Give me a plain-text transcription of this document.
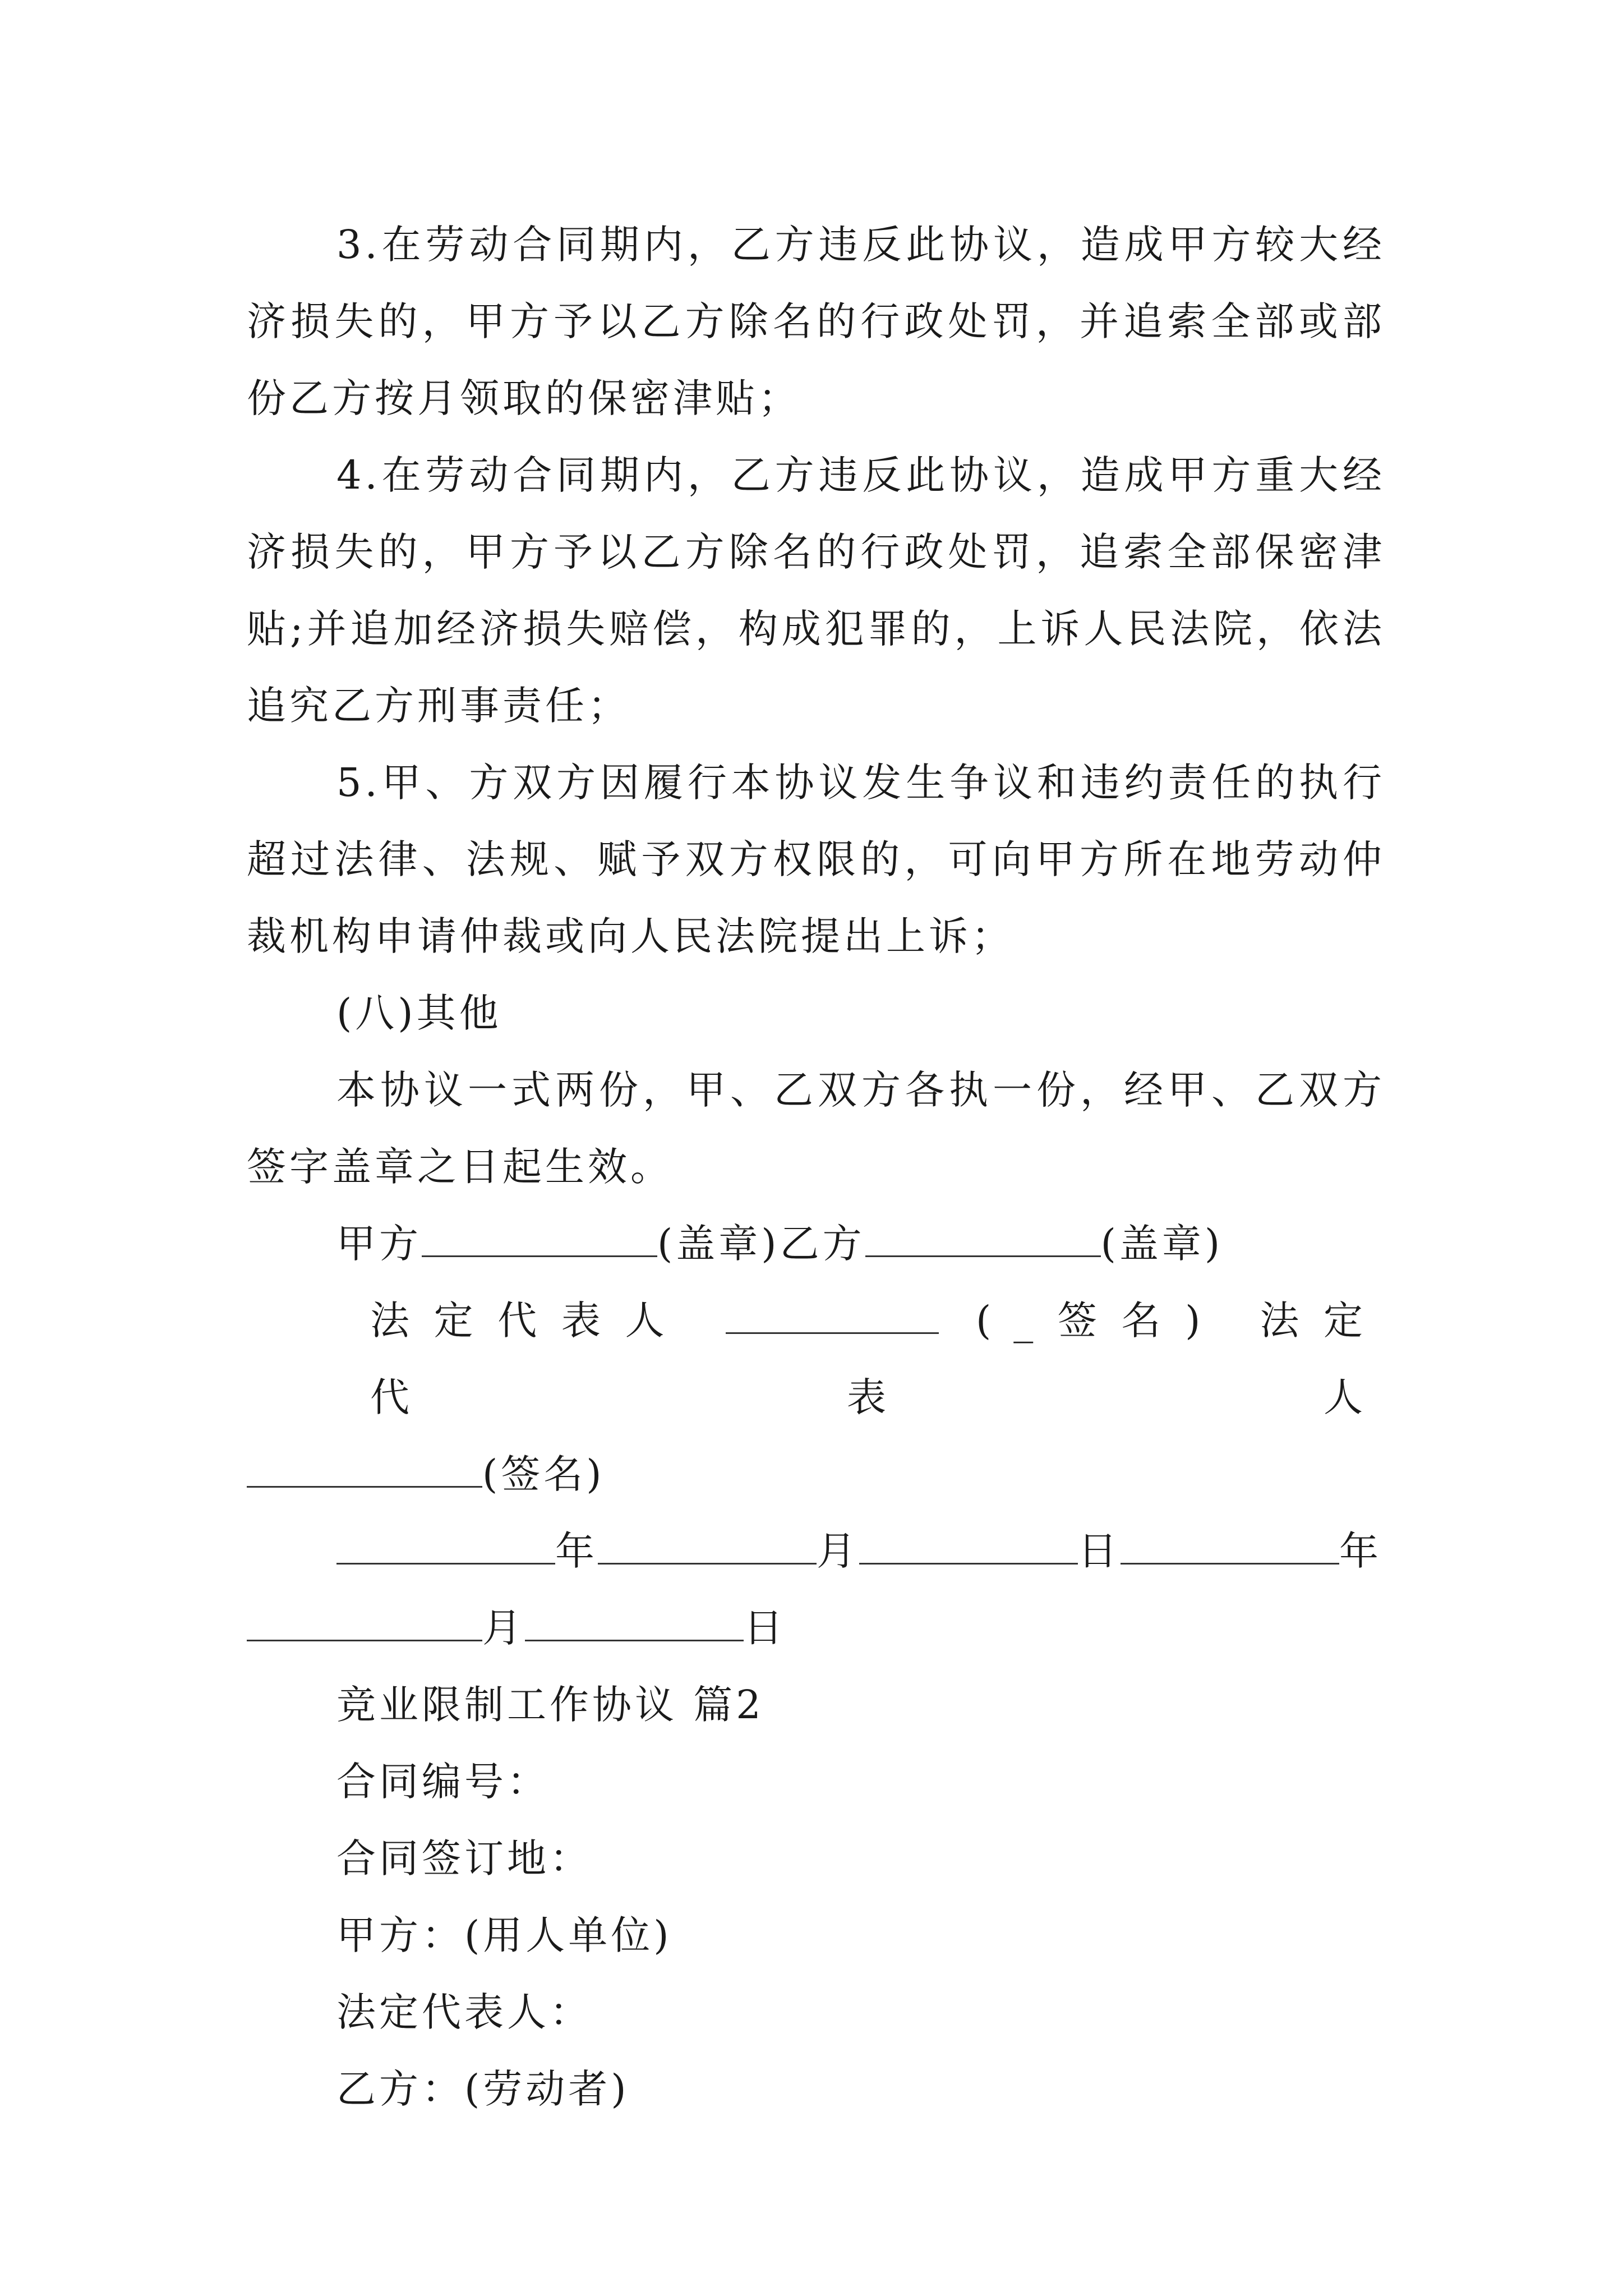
3.在劳动合同期内，乙方违反此协议，造成甲方较大经济损失的，甲方予以乙方除名的行政处罚，并追索全部或部份乙方按月领取的保密津贴；

4.在劳动合同期内，乙方违反此协议，造成甲方重大经济损失的，甲方予以乙方除名的行政处罚，追索全部保密津贴;并追加经济损失赔偿，构成犯罪的，上诉人民法院，依法追究乙方刑事责任；

5.甲、方双方因履行本协议发生争议和违约责任的执行超过法律、法规、赋予双方权限的，可向甲方所在地劳动仲裁机构申请仲裁或向人民法院提出上诉；

(八)其他

本协议一式两份，甲、乙双方各执一份，经甲、乙双方签字盖章之日起生效。

甲方	(盖章)乙方	(盖章)

法定代表人	(_签名) 法定代表人

(签名)

年	月	日	年

月	日

竞业限制工作协议 篇2

合同编号：

合同签订地：

甲方：(用人单位)

法定代表人：

乙方：(劳动者)
